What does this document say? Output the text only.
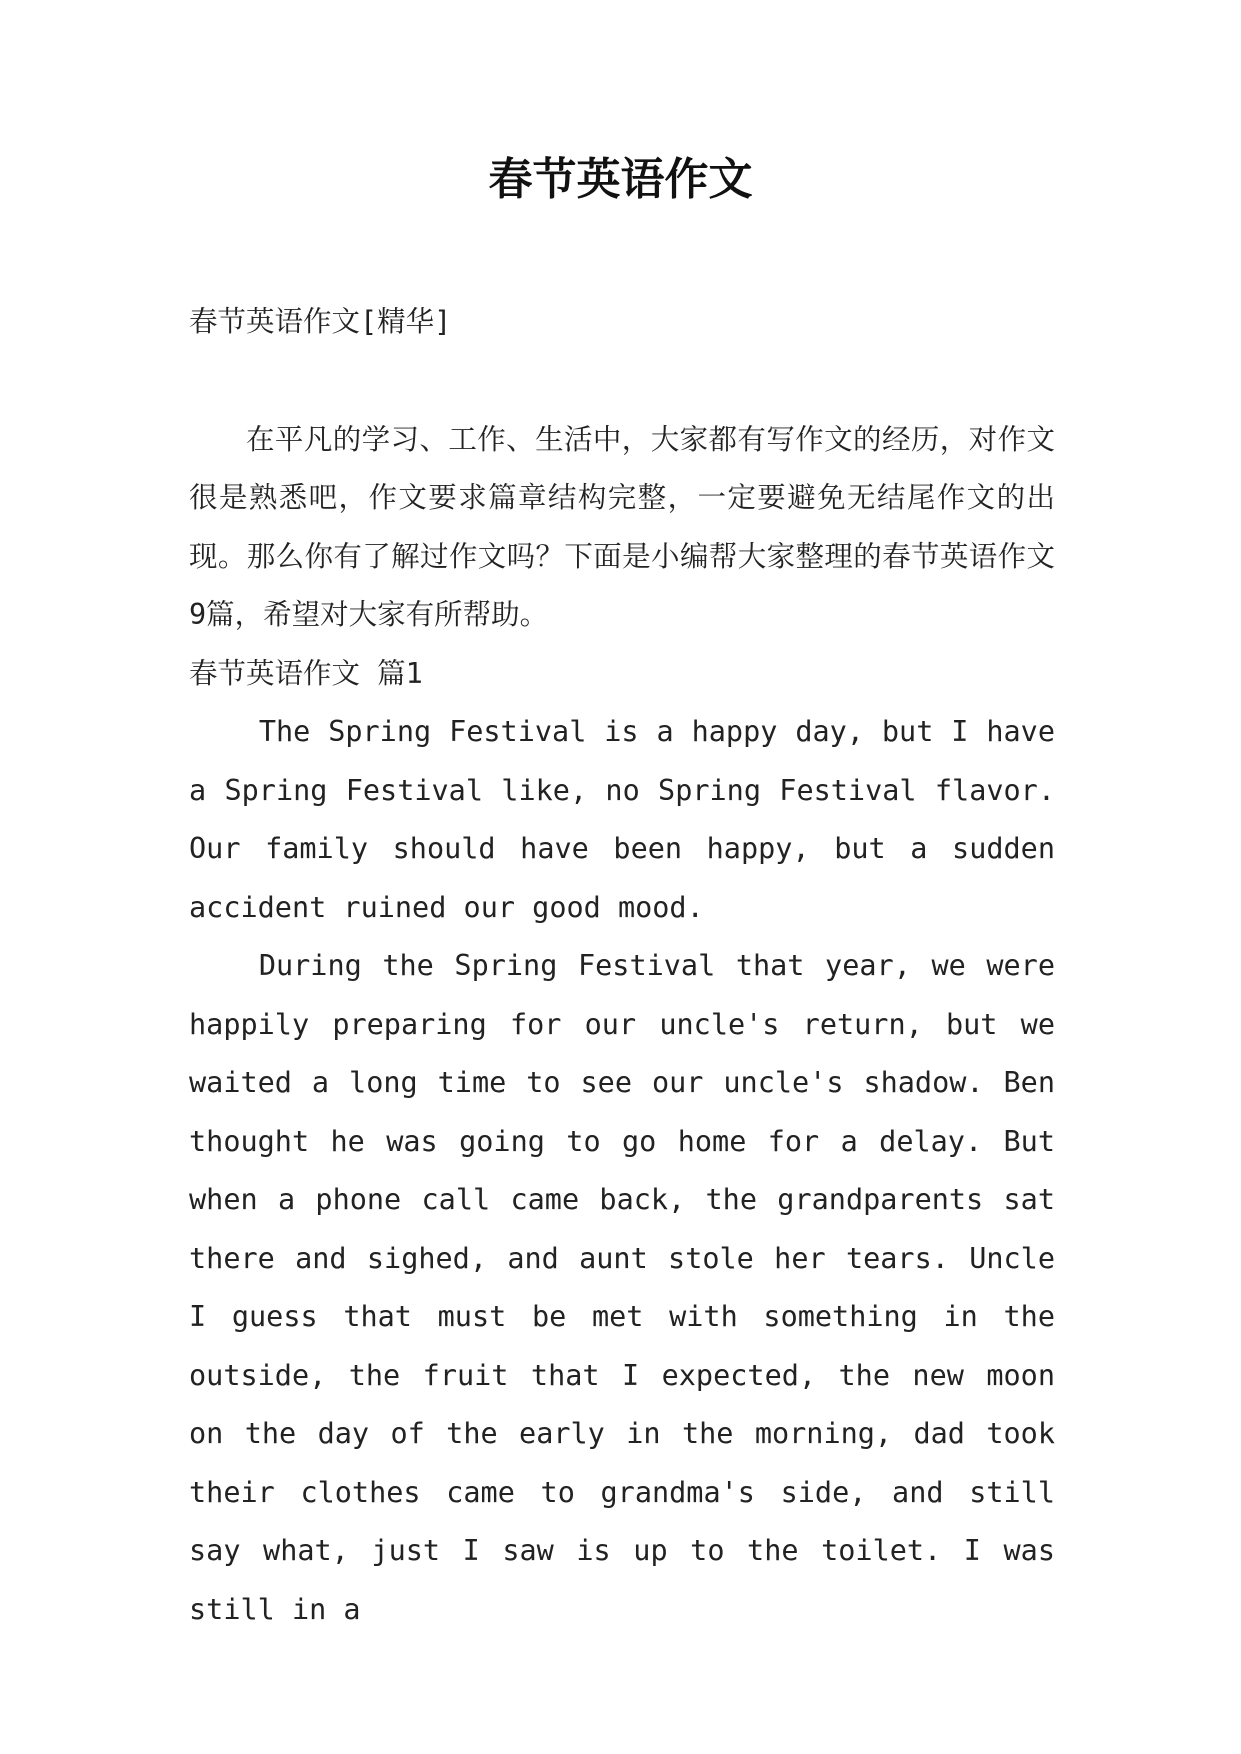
春节英语作文

春节英语作文[精华]

在平凡的学习、工作、生活中，大家都有写作文的经历，对作文很是熟悉吧，作文要求篇章结构完整，一定要避免无结尾作文的出现。那么你有了解过作文吗？下面是小编帮大家整理的春节英语作文9篇，希望对大家有所帮助。

春节英语作文 篇1

The Spring Festival is a happy day, but I have a Spring Festival like, no Spring Festival flavor. Our family should have been happy, but a sudden accident ruined our good mood.

During the Spring Festival that year, we were happily preparing for our uncle's return, but we waited a long time to see our uncle's shadow. Ben thought he was going to go home for a delay. But when a phone call came back, the grandparents sat there and sighed, and aunt stole her tears. Uncle I guess that must be met with something in the outside, the fruit that I expected, the new moon on the day of the early in the morning, dad took their clothes came to grandma's side, and still say what, just I saw is up to the toilet. I was still in a
